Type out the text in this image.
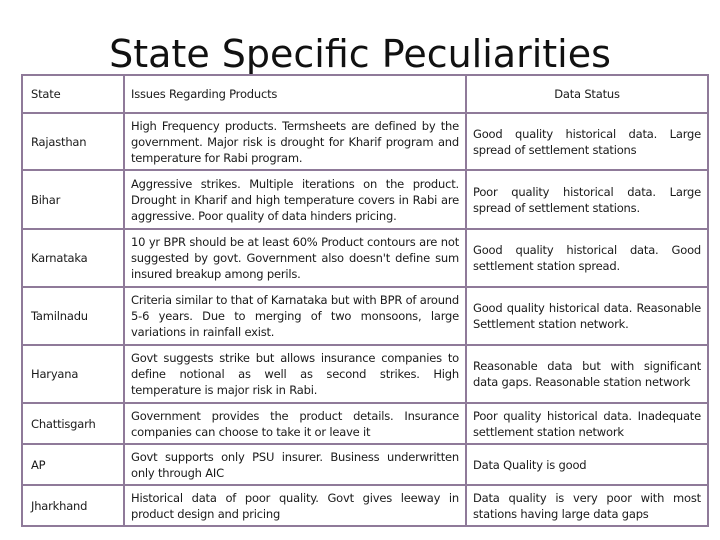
State Specific Peculiarities
State	Issues Regarding Products	Data Status
Rajasthan	High Frequency products. Termsheets are defined by the government. Major risk is drought for Kharif program and temperature for Rabi program.	Good quality historical data. Large spread of settlement stations
Bihar	Aggressive strikes. Multiple iterations on the product. Drought in Kharif and high temperature covers in Rabi are aggressive. Poor quality of data hinders pricing.	Poor quality historical data. Large spread of settlement stations.
Karnataka	10 yr BPR should be at least 60% Product contours are not suggested by govt. Government also doesn't define sum insured breakup among perils.	Good quality historical data. Good settlement station spread.
Tamilnadu	Criteria similar to that of Karnataka but with BPR of around 5-6 years. Due to merging of two monsoons, large variations in rainfall exist.	Good quality historical data. Reasonable Settlement station network.
Haryana	Govt suggests strike but allows insurance companies to define notional as well as second strikes. High temperature is major risk in Rabi.	Reasonable data but with significant data gaps. Reasonable station network
Chattisgarh	Government provides the product details. Insurance companies can choose to take it or leave it	Poor quality historical data. Inadequate settlement station network
AP	Govt supports only PSU insurer. Business underwritten only through AIC	Data Quality is good
Jharkhand	Historical data of poor quality. Govt gives leeway in product design and pricing	Data quality is very poor with most stations having large data gaps
